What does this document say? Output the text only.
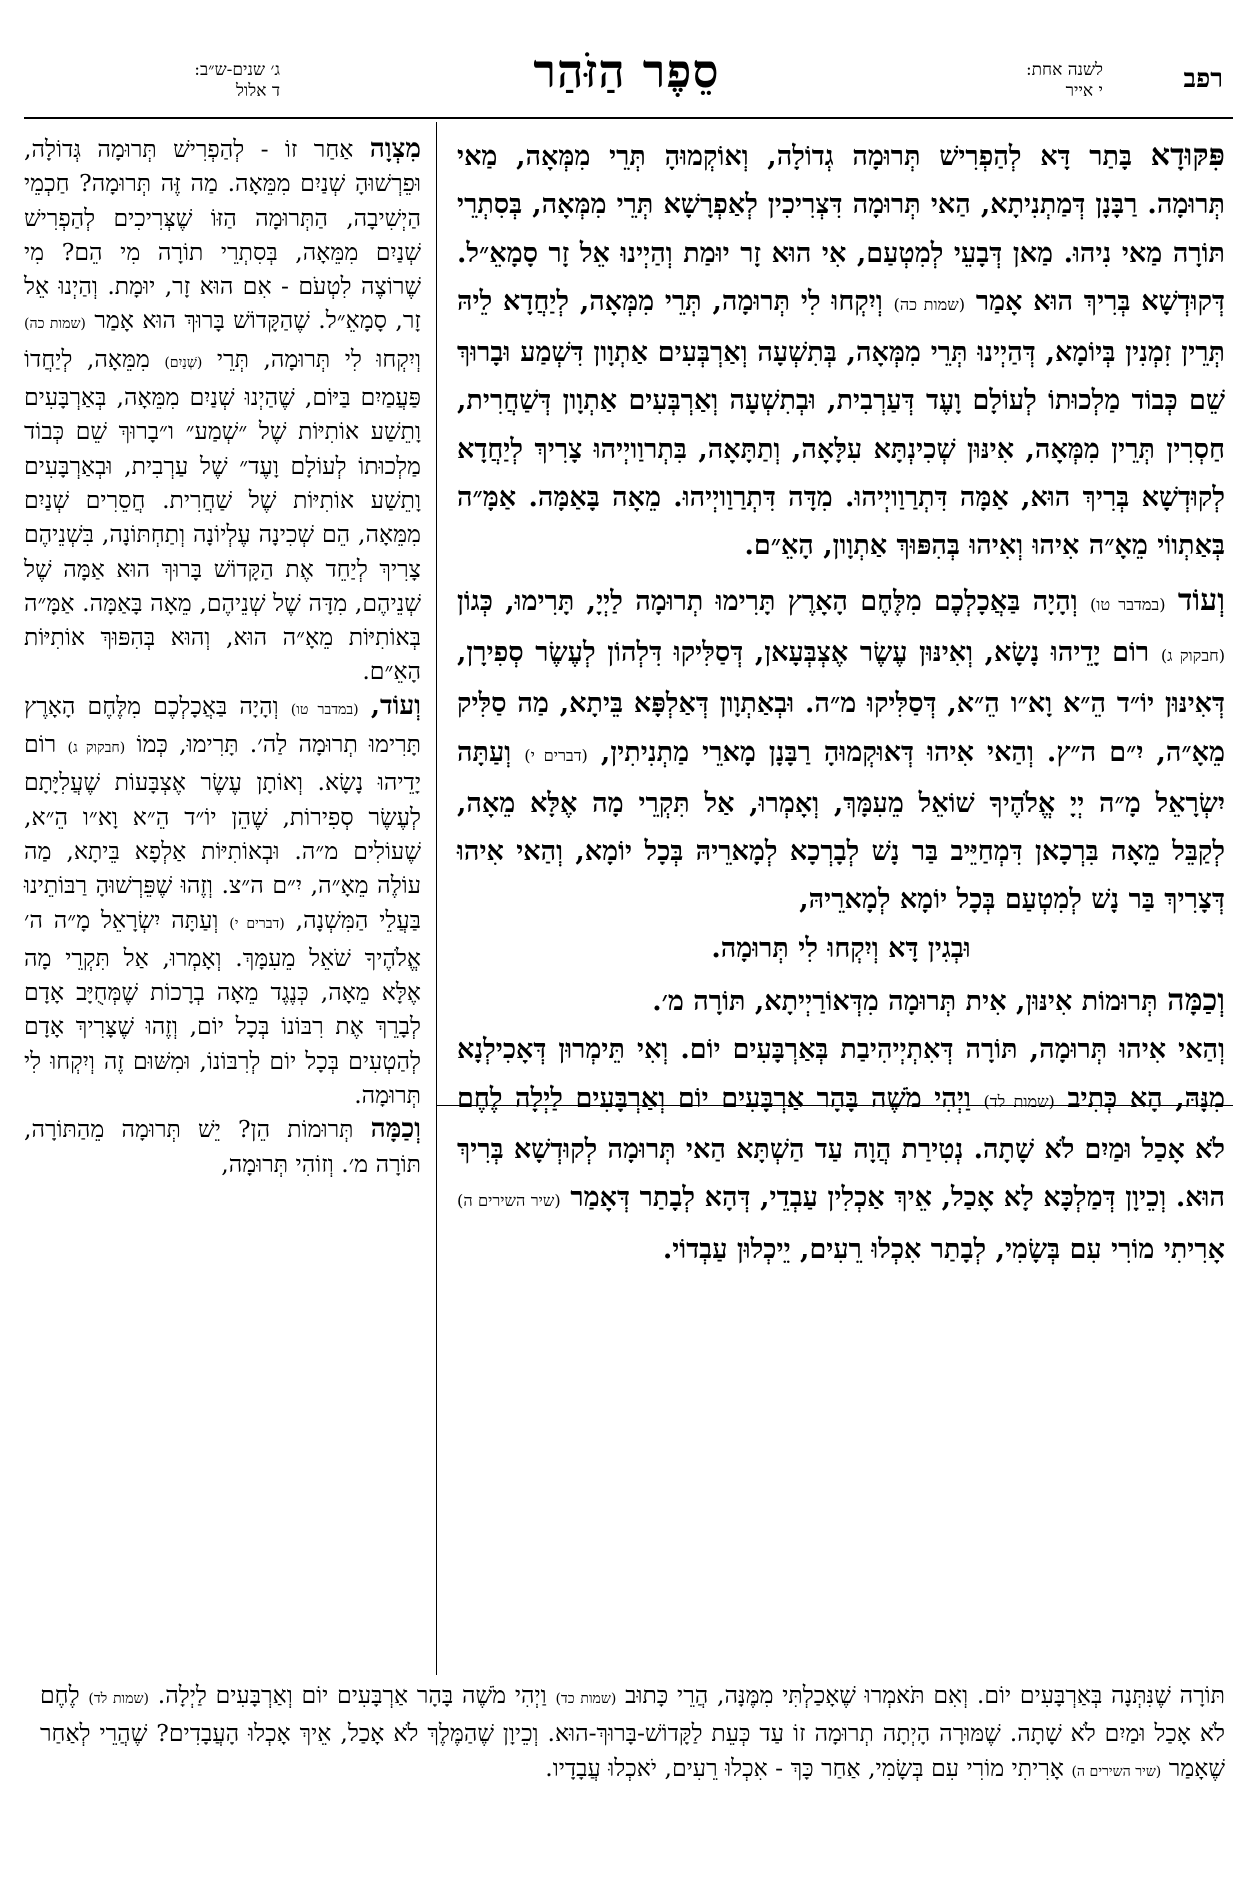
רפב
לשנה אחת:
י אייר
סֵפֶר הַזֹּהַר
ג׳ שנים-ש״ב:
ד אלול

פִּקּוּדָא בָּתַר דָּא לְהַפְרִישׁ תְּרוּמָה גְדוֹלָה, וְאוֹקְמוּהָ תְּרֵי מִמְּאָה, מַאי תְּרוּמָה. רַבָּנָן דְּמַתְנִיתָא, הַאי תְּרוּמָה דִּצְרִיכִין לְאַפְרָשָׁא תְּרֵי מִמְּאָה, בְּסִתְרֵי תּוֹרָה מַאי נִיהוּ. מַאן דְּבָעֵי לְמִטְעַם, אִי הוּא זָר יוּמַת וְהַיְינוּ אֵל זָר סָמָאֵ״ל. דְּקוּדְשָׁא בְּרִיךְ הוּא אָמַר (שמות כה) וְיִקְחוּ לִי תְּרוּמָה, תְּרֵי מִמְּאָה, לְיַחֲדָא לֵיהּ תְּרֵין זִמְנִין בְּיוֹמָא, דְּהַיְינוּ תְּרֵי מִמְּאָה, בְּתִשְׁעָה וְאַרְבְּעִים אַתְוָון דִּשְׁמַע וּבָרוּךְ שֵׁם כְּבוֹד מַלְכוּתוֹ לְעוֹלָם וָעֶד דְּעַרְבִית, וּבְתִשְׁעָה וְאַרְבְּעִים אַתְוָון דְּשַׁחֲרִית, חַסְרִין תְּרֵין מִמְּאָה, אִינּוּן שְׁכִינְתָּא עִלָּאָה, וְתַתָּאָה, בִּתְרוַויְיהוּ צָרִיךְ לְיַחֲדָא לְקוּדְשָׁא בְּרִיךְ הוּא, אַמָּה דִּתְרַוַויְיהוּ. מִדָּה דִּתְרַוַויְיהוּ. מֵאָה בָּאַמָּה. אַמָּ״ה בְּאַתְווֹי מֵאָ״ה אִיהוּ וְאִיהוּ בְּהִפּוּךְ אַתְוָון, הָאֵ״ם.

וְעוֹד (במדבר טו) וְהָיָה בַּאֲכָלְכֶם מִלֶּחֶם הָאָרֶץ תָּרִימוּ תְרוּמָה לַיְיָ, תָּרִימוּ, כְּגוֹן (חבקוק ג) רוֹם יָדֵיהוּ נָשָׂא, וְאִינּוּן עֶשֶׂר אֶצְבְּעָאן, דְּסַלִּיקוּ דִּלְהוֹן לְעֶשֶׂר סְפִירָן, דְּאִינּוּן יוֹ״ד הֵ״א וָא״ו הֵ״א, דְּסַלִּיקוּ מ״ה. וּבְאַתְוָון דְּאַלְפָּא בֵּיתָא, מַה סַלִּיק מֵאָ״ה, יִ״ם ה״ץ. וְהַאי אִיהוּ דְּאוּקְמוּהָ רַבָּנָן מָארֵי מַתְנִיתִין, (דברים י) וְעַתָּה יִשְׂרָאֵל מָ״ה יְיָ אֱלֹהֶיךָ שׁוֹאֵל מֵעִמָּךְ, וְאָמְרוּ, אַל תִּקְרֵי מָה אֶלָּא מֵאָה, לְקַבֵּל מֵאָה בִּרְכָאן דִּמְחַיֵּיב בַּר נָשׁ לְבָרְכָא לְמָארֵיהּ בְּכָל יוֹמָא, וְהַאי אִיהוּ דְּצָרִיךְ בַּר נָשׁ לְמִטְעַם בְּכָל יוֹמָא לְמָארֵיהּ,

וּבְגִין דָּא וְיִקְחוּ לִי תְּרוּמָה.

וְכַמָּה תְּרוּמוֹת אִינּוּן, אִית תְּרוּמָה מִדְּאוֹרַיְיתָא, תּוֹרָה מ׳.

וְהַאי אִיהוּ תְּרוּמָה, תּוֹרָה דְּאִתְיְיהִיבַת בְּאַרְבָּעִים יוֹם. וְאִי תֵּימְרוּן דְּאָכִילְנָא מִנָּהּ, הָא כְּתִיב (שמות לד) וַיְהִי מֹשֶׁה בָּהָר אַרְבָּעִים יוֹם וְאַרְבָּעִים לַיְלָה לֶחֶם לֹא אָכַל וּמַיִם לֹא שָׁתָה. נְטִירַת הֲוָה עַד הַשְׁתָּא הַאי תְּרוּמָה לְקוּדְשָׁא בְּרִיךְ הוּא. וְכֵיוָן דְּמַלְכָּא לָא אָכַל, אֵיךְ אַכְלִין עַבְדֵי, דְּהָא לְבָתַר דְּאָמַר (שיר השירים ה) אָרִיתִי מוֹרִי עִם בְּשָׂמִי, לְבָתַר אִכְלוּ רֵעִים, יֵיכְלוּן עַבְדוֹי.

מִצְוָה אַחַר זוֹ - לְהַפְרִישׁ תְּרוּמָה גְּדוֹלָה, וּפֵרְשׁוּהָ שְׁנַיִם מִמֵּאָה. מַה זֶּה תְּרוּמָה? חַכְמֵי הַיְשִׁיבָה, הַתְּרוּמָה הַזּוֹ שֶׁצְּרִיכִים לְהַפְרִישׁ שְׁנַיִם מִמֵּאָה, בְּסִתְרֵי תוֹרָה מִי הֵם? מִי שֶׁרוֹצֶה לִטְעֹם - אִם הוּא זָר, יוּמָת. וְהַיְנוּ אֵל זָר, סָמָאֵ״ל. שֶׁהַקָּדוֹשׁ בָּרוּךְ הוּא אָמַר (שמות כה) וְיִקְחוּ לִי תְּרוּמָה, תְּרֵי (שְׁנַיִם) מִמֵּאָה, לְיַחֲדוֹ פַּעֲמַיִם בַּיּוֹם, שֶׁהַיְנוּ שְׁנַיִם מִמֵּאָה, בְּאַרְבָּעִים וָתֵשַׁע אוֹתִיּוֹת שֶׁל ״שְׁמַע״ ו״בָרוּךְ שֵׁם כְּבוֹד מַלְכוּתוֹ לְעוֹלָם וָעֶד״ שֶׁל עַרְבִית, וּבְאַרְבָּעִים וָתֵשַׁע אוֹתִיּוֹת שֶׁל שַׁחֲרִית. חֲסֵרִים שְׁנַיִם מִמֵּאָה, הֵם שְׁכִינָה עֶלְיוֹנָה וְתַחְתּוֹנָה, בִּשְׁנֵיהֶם צָרִיךְ לְיַחֵד אֶת הַקָּדוֹשׁ בָּרוּךְ הוּא אַמָּה שֶׁל שְׁנֵיהֶם, מִדָּה שֶׁל שְׁנֵיהֶם, מֵאָה בָּאַמָּה. אַמָּ״ה בְּאוֹתִיּוֹת מֵאָ״ה הוּא, וְהוּא בְּהִפּוּךְ אוֹתִיּוֹת הָאֵ״ם.

וְעוֹד, (במדבר טו) וְהָיָה בַּאֲכָלְכֶם מִלֶּחֶם הָאָרֶץ תָּרִימוּ תְרוּמָה לַה׳. תָּרִימוּ, כְּמוֹ (חבקוק ג) רוֹם יָדֵיהוּ נָשָׂא. וְאוֹתָן עֶשֶׂר אֶצְבָּעוֹת שֶׁעֲלִיָּתָם לְעֶשֶׂר סְפִירוֹת, שֶׁהֵן יוֹ״ד הֵ״א וָא״ו הֵ״א, שֶׁעוֹלִים מ״ה. וּבְאוֹתִיּוֹת אַלְפָא בֵּיתָא, מַה עוֹלֶה מֵאָ״ה, יִ״ם ה״צ. וְזֶהוּ שֶׁפֵּרְשׁוּהָ רַבּוֹתֵינוּ בַּעֲלֵי הַמִּשְׁנָה, (דברים י) וְעַתָּה יִשְׂרָאֵל מָ״ה ה׳ אֱלֹהֶיךָ שֹׁאֵל מֵעִמָּךְ. וְאָמְרוּ, אַל תִּקְרֵי מָה אֶלָּא מֵאָה, כְּנֶגֶד מֵאָה בְרָכוֹת שֶׁמְּחֻיָּב אָדָם לְבָרֵךְ אֶת רִבּוֹנוֹ בְּכָל יוֹם, וְזֶהוּ שֶׁצָּרִיךְ אָדָם לְהַטְעִים בְּכָל יוֹם לְרִבּוֹנוֹ, וּמִשּׁוּם זֶה וְיִקְחוּ לִי תְּרוּמָה.

וְכַמָּה תְּרוּמוֹת הֵן? יֵשׁ תְּרוּמָה מֵהַתּוֹרָה, תּוֹרָה מ׳. וְזוֹהִי תְּרוּמָה,

תּוֹרָה שֶׁנִּתְּנָה בְּאַרְבָּעִים יוֹם. וְאִם תֹּאמְרוּ שֶׁאָכַלְתִּי מִמֶּנָּה, הֲרֵי כָּתוּב (שמות כד) וַיְהִי מֹשֶׁה בָּהָר אַרְבָּעִים יוֹם וְאַרְבָּעִים לַיְלָה. (שמות לד) לֶחֶם לֹא אָכַל וּמַיִם לֹא שָׁתָה. שֶׁמּוּרָה הָיְתָה תְרוּמָה זוֹ עַד כְּעֵת לַקָּדוֹשׁ-בָּרוּךְ-הוּא. וְכֵיוָן שֶׁהַמֶּלֶךְ לֹא אָכַל, אֵיךְ אָכְלוּ הָעֲבָדִים? שֶׁהֲרֵי לְאַחַר שֶׁאָמַר (שיר השירים ה) אָרִיתִי מוֹרִי עִם בְּשָׂמִי, אַחַר כָּךְ - אִכְלוּ רֵעִים, יֹאכְלוּ עֲבָדָיו.
